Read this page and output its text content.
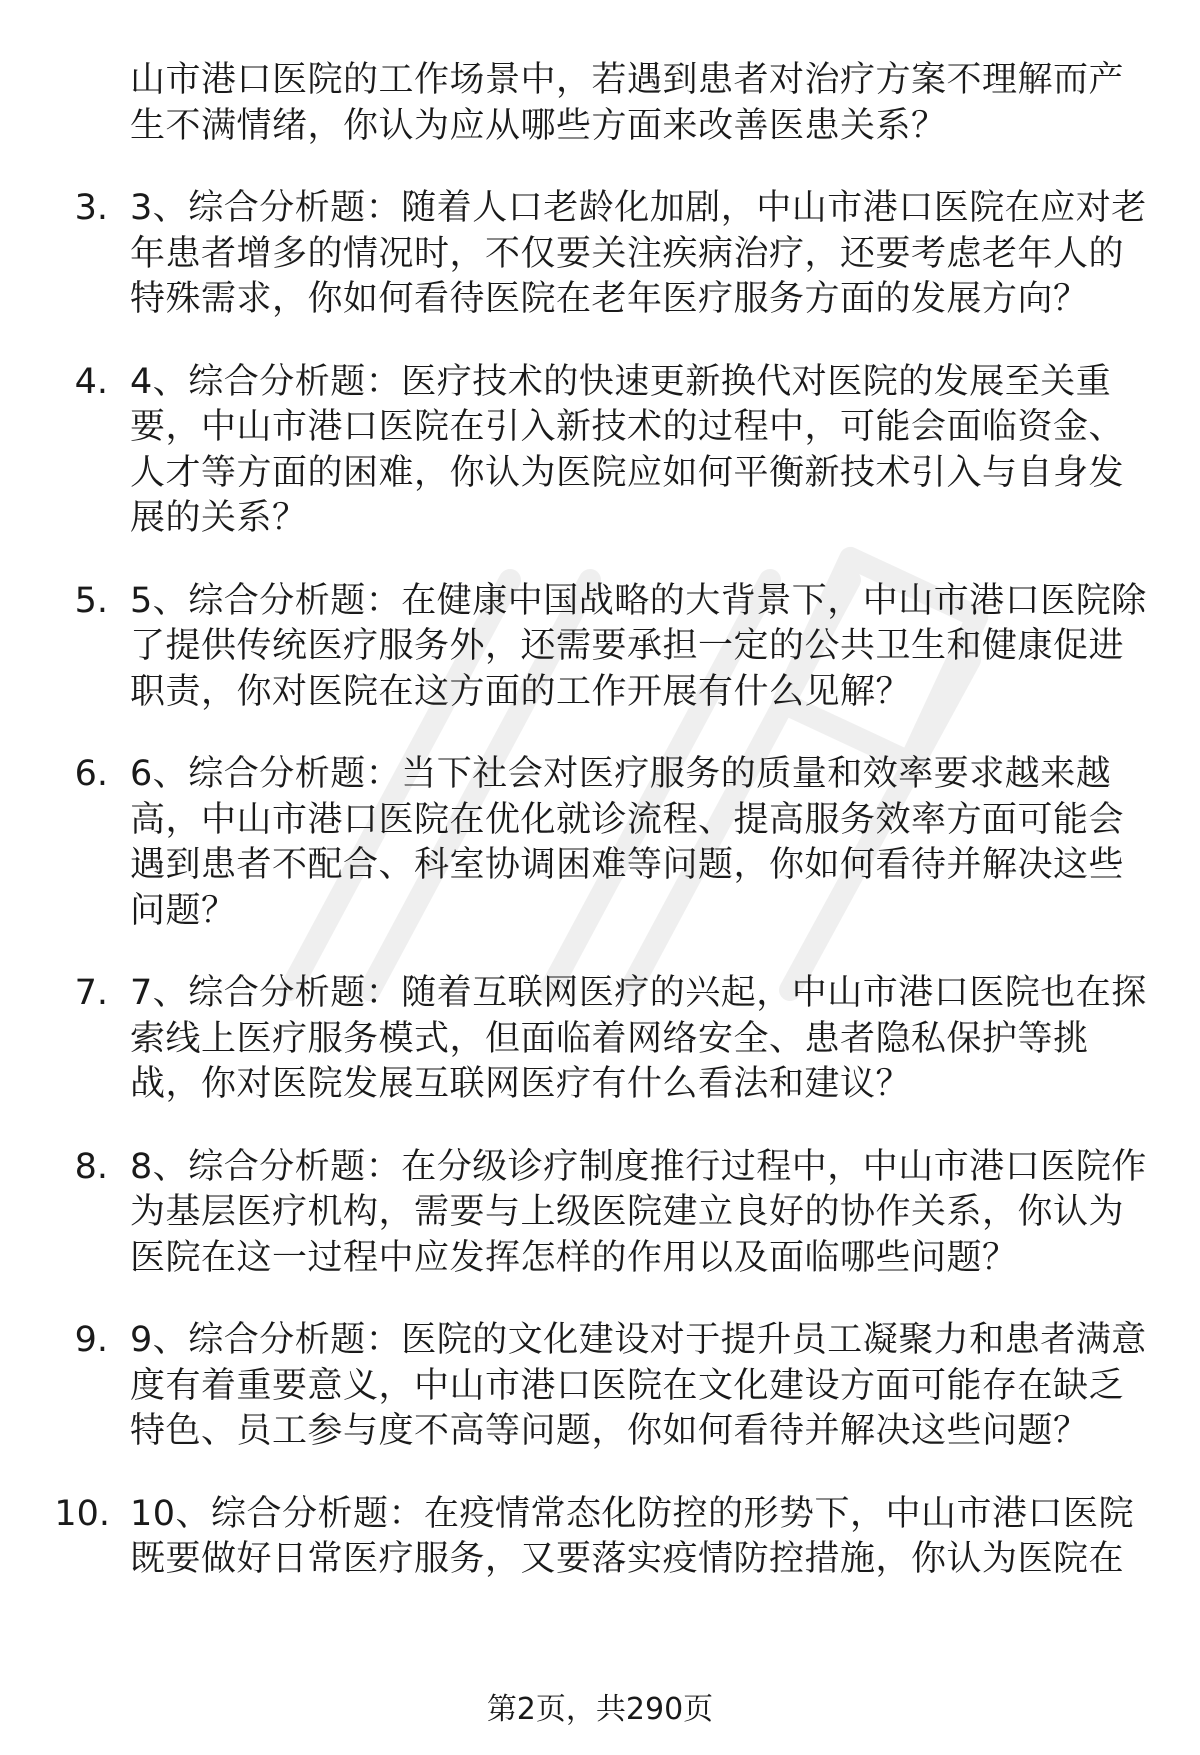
山市港口医院的工作场景中，若遇到患者对治疗方案不理解而产
生不满情绪，你认为应从哪些方面来改善医患关系？
3. 3、综合分析题：随着人口老龄化加剧，中山市港口医院在应对老
年患者增多的情况时，不仅要关注疾病治疗，还要考虑老年人的
特殊需求，你如何看待医院在老年医疗服务方面的发展方向？
4. 4、综合分析题：医疗技术的快速更新换代对医院的发展至关重
要，中山市港口医院在引入新技术的过程中，可能会面临资金、
人才等方面的困难，你认为医院应如何平衡新技术引入与自身发
展的关系？
5. 5、综合分析题：在健康中国战略的大背景下，中山市港口医院除
了提供传统医疗服务外，还需要承担一定的公共卫生和健康促进
职责，你对医院在这方面的工作开展有什么见解？
6. 6、综合分析题：当下社会对医疗服务的质量和效率要求越来越
高，中山市港口医院在优化就诊流程、提高服务效率方面可能会
遇到患者不配合、科室协调困难等问题，你如何看待并解决这些
问题？
7. 7、综合分析题：随着互联网医疗的兴起，中山市港口医院也在探
索线上医疗服务模式，但面临着网络安全、患者隐私保护等挑
战，你对医院发展互联网医疗有什么看法和建议？
8. 8、综合分析题：在分级诊疗制度推行过程中，中山市港口医院作
为基层医疗机构，需要与上级医院建立良好的协作关系，你认为
医院在这一过程中应发挥怎样的作用以及面临哪些问题？
9. 9、综合分析题：医院的文化建设对于提升员工凝聚力和患者满意
度有着重要意义，中山市港口医院在文化建设方面可能存在缺乏
特色、员工参与度不高等问题，你如何看待并解决这些问题？
10. 10、综合分析题：在疫情常态化防控的形势下，中山市港口医院
既要做好日常医疗服务，又要落实疫情防控措施，你认为医院在
第2页，共290页
